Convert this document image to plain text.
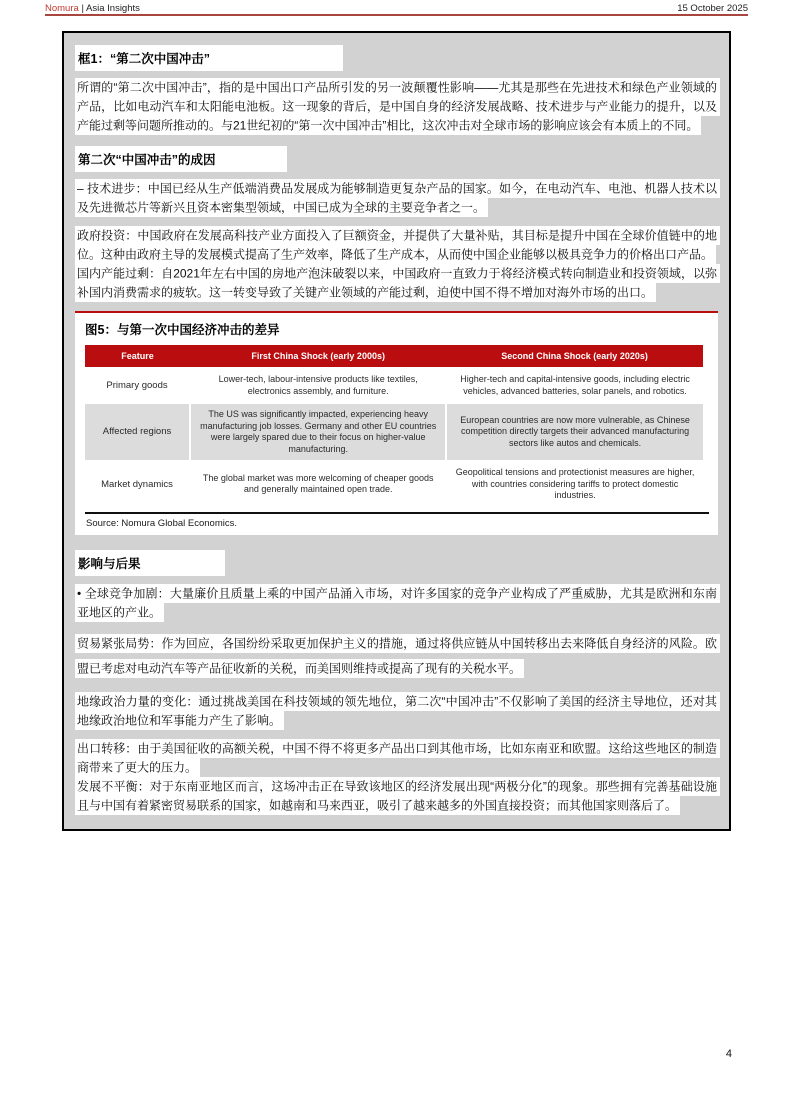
Nomura | Asia Insights	15 October 2025
框1：“第二次中国冲击”

所谓的“第二次中国冲击”，指的是中国出口产品所引发的另一波颠覆性影响——尤其是那些在先进技术和绿色产业领域的产品，比如电动汽车和太阳能电池板。这一现象的背后，是中国自身的经济发展战略、技术进步与产业能力的提升，以及产能过剩等问题所推动的。与21世纪初的“第一次中国冲击”相比，这次冲击对全球市场的影响应该会有本质上的不同。

第二次“中国冲击”的成因

– 技术进步：中国已经从生产低端消费品发展成为能够制造更复杂产品的国家。如今，在电动汽车、电池、机器人技术以及先进微芯片等新兴且资本密集型领域，中国已成为全球的主要竞争者之一。

政府投资：中国政府在发展高科技产业方面投入了巨额资金，并提供了大量补贴，其目标是提升中国在全球价值链中的地位。这种由政府主导的发展模式提高了生产效率，降低了生产成本，从而使中国企业能够以极具竞争力的价格出口产品。

国内产能过剩：自2021年左右中国的房地产泡沫破裂以来，中国政府一直致力于将经济模式转向制造业和投资领域，以弥补国内消费需求的疲软。这一转变导致了关键产业领域的产能过剩，迫使中国不得不增加对海外市场的出口。

图5：与第一次中国经济冲击的差异
Feature	First China Shock (early 2000s)	Second China Shock (early 2020s)
Primary goods	Lower-tech, labour-intensive products like textiles, electronics assembly, and furniture.	Higher-tech and capital-intensive goods, including electric vehicles, advanced batteries, solar panels, and robotics.
Affected regions	The US was significantly impacted, experiencing heavy manufacturing job losses. Germany and other EU countries were largely spared due to their focus on higher-value manufacturing.	European countries are now more vulnerable, as Chinese competition directly targets their advanced manufacturing sectors like autos and chemicals.
Market dynamics	The global market was more welcoming of cheaper goods and generally maintained open trade.	Geopolitical tensions and protectionist measures are higher, with countries considering tariffs to protect domestic industries.
Source: Nomura Global Economics.
影响与后果

• 全球竞争加剧：大量廉价且质量上乘的中国产品涌入市场，对许多国家的竞争产业构成了严重威胁，尤其是欧洲和东南亚地区的产业。

贸易紧张局势：作为回应，各国纷纷采取更加保护主义的措施，通过将供应链从中国转移出去来降低自身经济的风险。欧盟已考虑对电动汽车等产品征收新的关税，而美国则维持或提高了现有的关税水平。

地缘政治力量的变化：通过挑战美国在科技领域的领先地位，第二次“中国冲击”不仅影响了美国的经济主导地位，还对其地缘政治地位和军事能力产生了影响。

出口转移：由于美国征收的高额关税，中国不得不将更多产品出口到其他市场，比如东南亚和欧盟。这给这些地区的制造商带来了更大的压力。

发展不平衡：对于东南亚地区而言，这场冲击正在导致该地区的经济发展出现“两极分化”的现象。那些拥有完善基础设施且与中国有着紧密贸易联系的国家，如越南和马来西亚，吸引了越来越多的外国直接投资；而其他国家则落后了。

4
